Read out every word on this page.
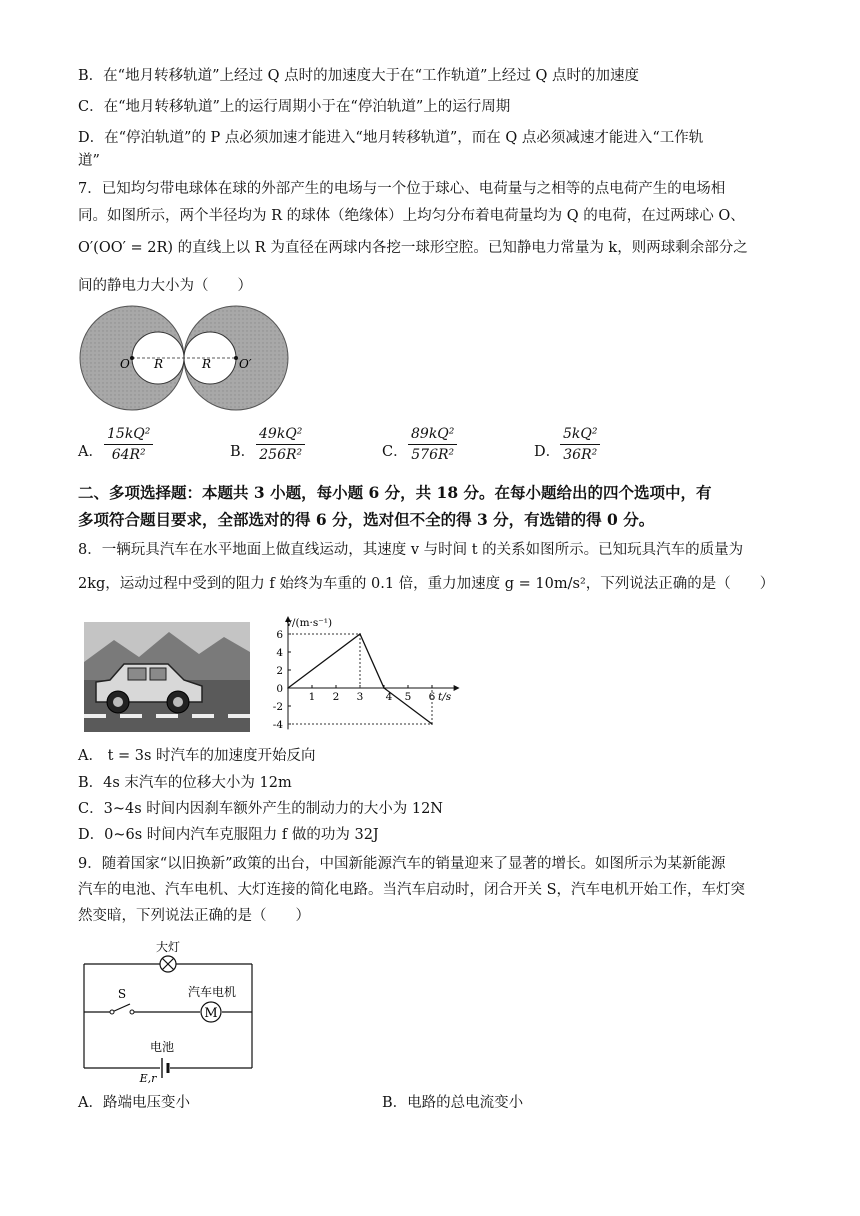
B．在“地月转移轨道”上经过 Q 点时的加速度大于在“工作轨道”上经过 Q 点时的加速度
C．在“地月转移轨道”上的运行周期小于在“停泊轨道”上的运行周期
D．在“停泊轨道”的 P 点必须加速才能进入“地月转移轨道”，而在 Q 点必须减速才能进入“工作轨
道”
7．已知均匀带电球体在球的外部产生的电场与一个位于球心、电荷量与之相等的点电荷产生的电场相
同。如图所示，两个半径均为 R 的球体（绝缘体）上均匀分布着电荷量均为 Q 的电荷，在过两球心 O、
O′(OO′ = 2R) 的直线上以 R 为直径在两球内各挖一球形空腔。已知静电力常量为 k，则两球剩余部分之
间的静电力大小为（　　）
O	O′
R	R
A． $\frac{\text{15kQ²}}{\text{64R²}}$	B． $\frac{\text{49kQ²}}{\text{256R²}}$	C． $\frac{\text{89kQ²}}{\text{576R²}}$	D． $\frac{\text{5kQ²}}{\text{36R²}}$
二、多项选择题：本题共 3 小题，每小题 6 分，共 18 分。在每小题给出的四个选项中，有
多项符合题目要求，全部选对的得 6 分，选对但不全的得 3 分，有选错的得 0 分。
8．一辆玩具汽车在水平地面上做直线运动，其速度 v 与时间 t 的关系如图所示。已知玩具汽车的质量为
2kg，运动过程中受到的阻力 f 始终为车重的 0.1 倍，重力加速度 g = 10m/s²，下列说法正确的是（　　）
v/(m·s⁻¹)
t/s
1 2 3 4 5 6
6
4
2
0
-2
-4
A． t = 3s 时汽车的加速度开始反向
B．4s 末汽车的位移大小为 12m
C．3~4s 时间内因刹车额外产生的制动力的大小为 12N
D．0~6s 时间内汽车克服阻力 f 做的功为 32J
9．随着国家“以旧换新”政策的出台，中国新能源汽车的销量迎来了显著的增长。如图所示为某新能源
汽车的电池、汽车电机、大灯连接的简化电路。当汽车启动时，闭合开关 S，汽车电机开始工作，车灯突
然变暗，下列说法正确的是（　　）
M
大灯
S	汽车电机
电池
E,r
A．路端电压变小	B．电路的总电流变小
